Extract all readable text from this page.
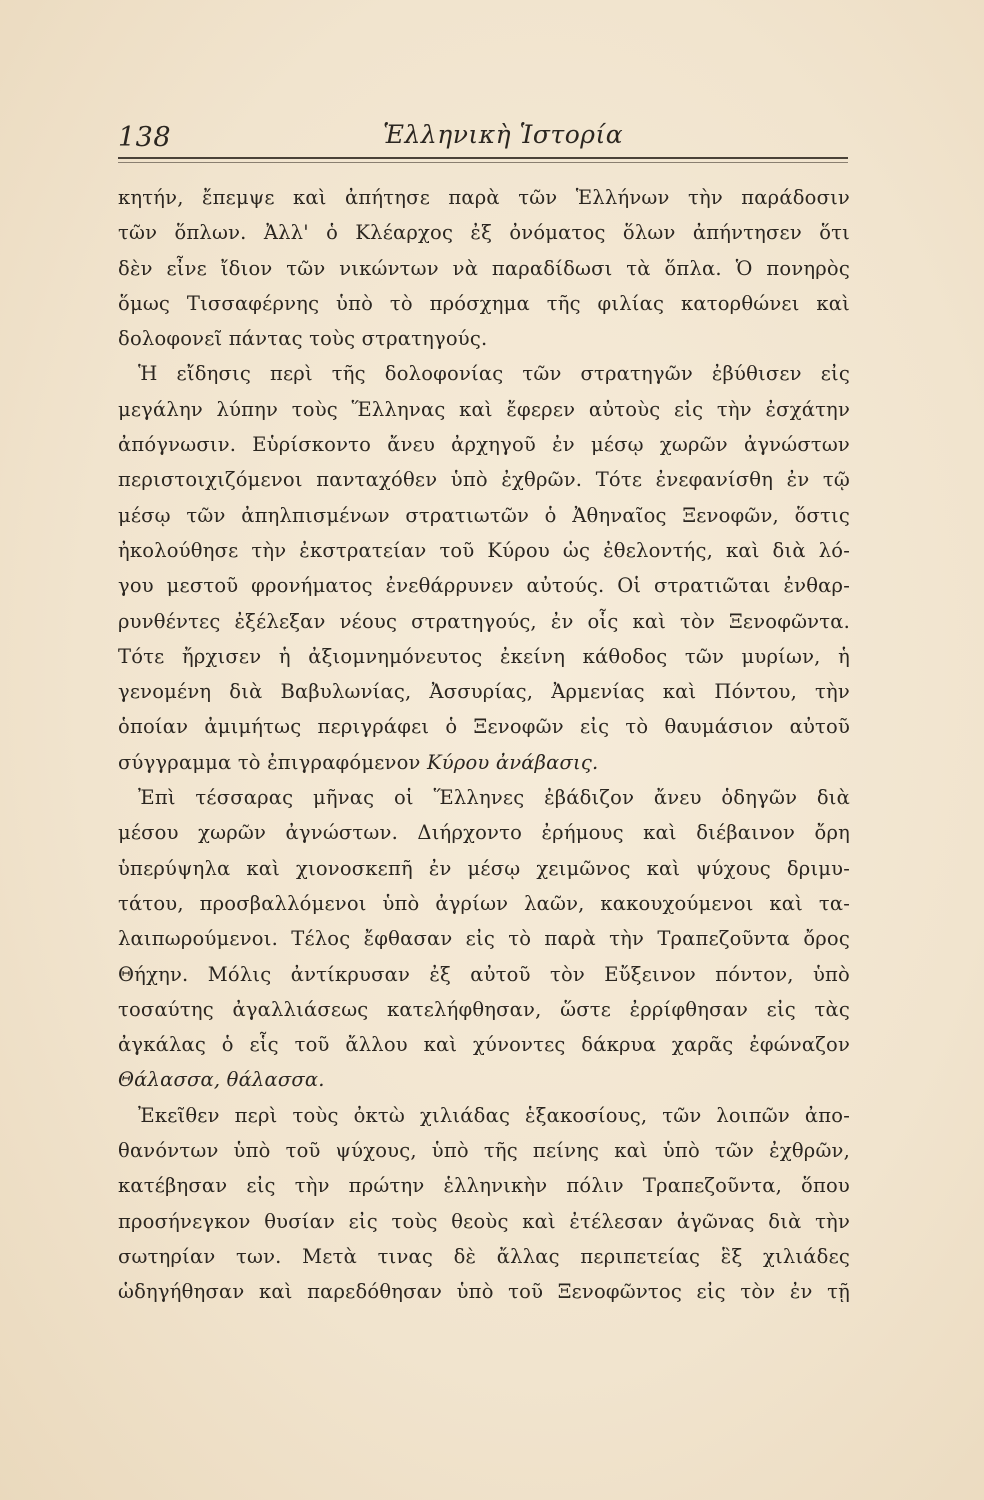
138	Ἑλληνικὴ Ἱστορία
κητήν, ἔπεμψε καὶ ἀπήτησε παρὰ τῶν Ἑλλήνων τὴν παράδοσιν
τῶν ὅπλων. Ἀλλ' ὁ Κλέαρχος ἐξ ὀνόματος ὅλων ἀπήντησεν ὅτι
δὲν εἶνε ἴδιον τῶν νικώντων νὰ παραδίδωσι τὰ ὅπλα. Ὁ πονηρὸς
ὅμως Τισσαφέρνης ὑπὸ τὸ πρόσχημα τῆς φιλίας κατορθώνει καὶ
δολοφονεῖ πάντας τοὺς στρατηγούς.
Ἡ εἴδησις περὶ τῆς δολοφονίας τῶν στρατηγῶν ἐβύθισεν εἰς
μεγάλην λύπην τοὺς Ἕλληνας καὶ ἔφερεν αὐτοὺς εἰς τὴν ἐσχάτην
ἀπόγνωσιν. Εὑρίσκοντο ἄνευ ἀρχηγοῦ ἐν μέσῳ χωρῶν ἀγνώστων
περιστοιχιζόμενοι πανταχόθεν ὑπὸ ἐχθρῶν. Τότε ἐνεφανίσθη ἐν τῷ
μέσῳ τῶν ἀπηλπισμένων στρατιωτῶν ὁ Ἀθηναῖος Ξενοφῶν, ὅστις
ἠκολούθησε τὴν ἐκστρατείαν τοῦ Κύρου ὡς ἐθελοντής, καὶ διὰ λό-
γου μεστοῦ φρονήματος ἐνεθάρρυνεν αὐτούς. Οἱ στρατιῶται ἐνθαρ-
ρυνθέντες ἐξέλεξαν νέους στρατηγούς, ἐν οἷς καὶ τὸν Ξενοφῶντα.
Τότε ἤρχισεν ἡ ἀξιομνημόνευτος ἐκείνη κάθοδος τῶν μυρίων, ἡ
γενομένη διὰ Βαβυλωνίας, Ἀσσυρίας, Ἀρμενίας καὶ Πόντου, τὴν
ὁποίαν ἀμιμήτως περιγράφει ὁ Ξενοφῶν εἰς τὸ θαυμάσιον αὐτοῦ
σύγγραμμα τὸ ἐπιγραφόμενον Κύρου ἀνάβασις.
Ἐπὶ τέσσαρας μῆνας οἱ Ἕλληνες ἐβάδιζον ἄνευ ὁδηγῶν διὰ
μέσου χωρῶν ἀγνώστων. Διήρχοντο ἐρήμους καὶ διέβαινον ὄρη
ὑπερύψηλα καὶ χιονοσκεπῆ ἐν μέσῳ χειμῶνος καὶ ψύχους δριμυ-
τάτου, προσβαλλόμενοι ὑπὸ ἀγρίων λαῶν, κακουχούμενοι καὶ τα-
λαιπωρούμενοι. Τέλος ἔφθασαν εἰς τὸ παρὰ τὴν Τραπεζοῦντα ὄρος
Θήχην. Μόλις ἀντίκρυσαν ἐξ αὐτοῦ τὸν Εὔξεινον πόντον, ὑπὸ
τοσαύτης ἀγαλλιάσεως κατελήφθησαν, ὥστε ἐρρίφθησαν εἰς τὰς
ἀγκάλας ὁ εἷς τοῦ ἄλλου καὶ χύνοντες δάκρυα χαρᾶς ἐφώναζον
Θάλασσα, θάλασσα.
Ἐκεῖθεν περὶ τοὺς ὀκτὼ χιλιάδας ἑξακοσίους, τῶν λοιπῶν ἀπο-
θανόντων ὑπὸ τοῦ ψύχους, ὑπὸ τῆς πείνης καὶ ὑπὸ τῶν ἐχθρῶν,
κατέβησαν εἰς τὴν πρώτην ἑλληνικὴν πόλιν Τραπεζοῦντα, ὅπου
προσήνεγκον θυσίαν εἰς τοὺς θεοὺς καὶ ἐτέλεσαν ἀγῶνας διὰ τὴν
σωτηρίαν των. Μετὰ τινας δὲ ἄλλας περιπετείας ἓξ χιλιάδες
ὡδηγήθησαν καὶ παρεδόθησαν ὑπὸ τοῦ Ξενοφῶντος εἰς τὸν ἐν τῇ
